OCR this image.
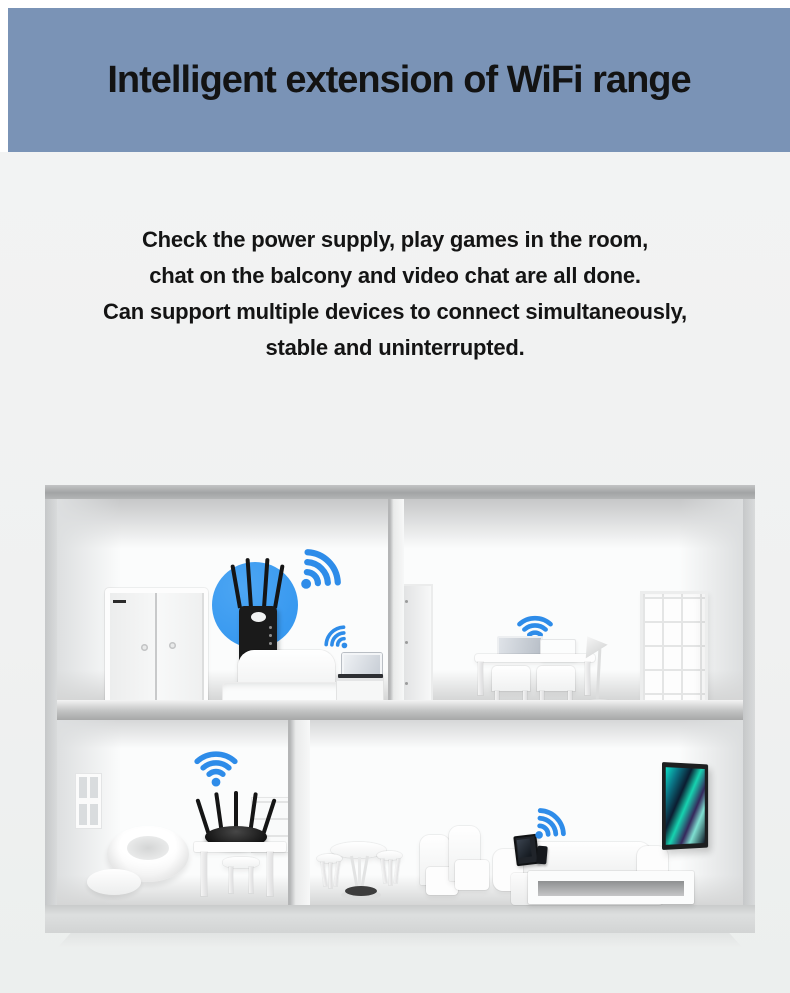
Intelligent extension of WiFi range

Check the power supply, play games in the room,
chat on the balcony and video chat are all done.
Can support multiple devices to connect simultaneously,
stable and uninterrupted.
